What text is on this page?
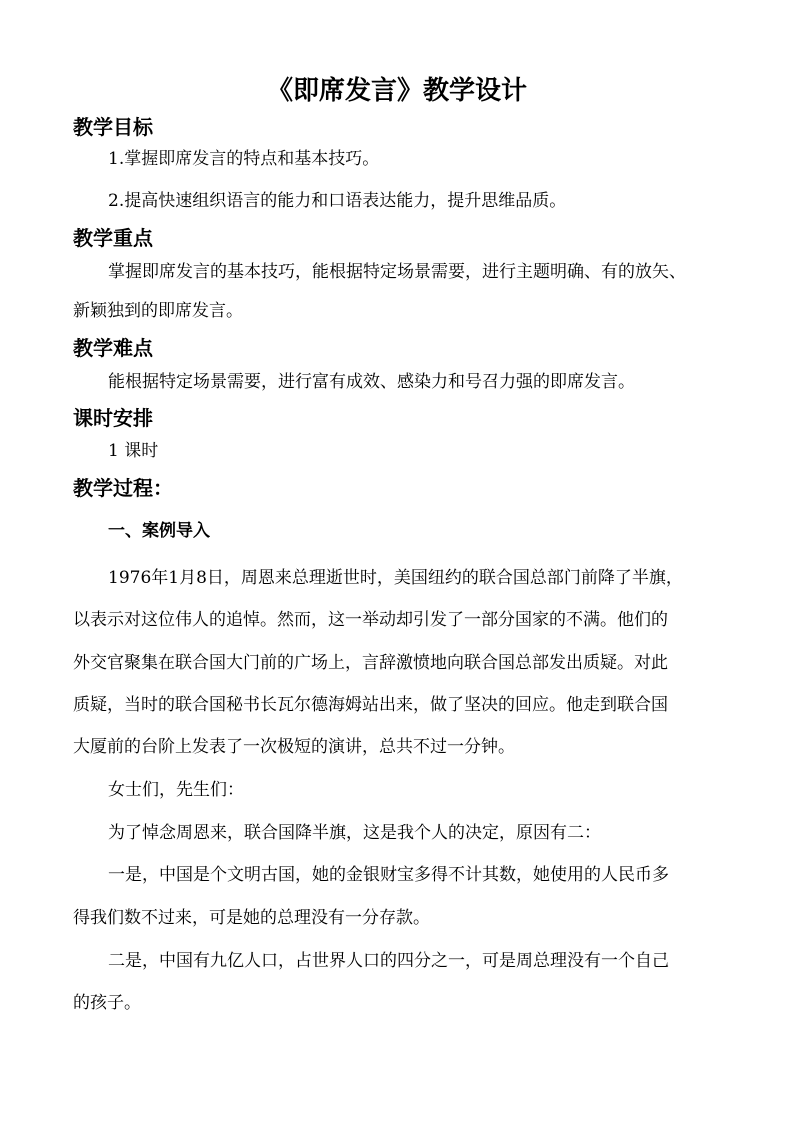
《即席发言》教学设计
教学目标
1.掌握即席发言的特点和基本技巧。
2.提高快速组织语言的能力和口语表达能力，提升思维品质。
教学重点
掌握即席发言的基本技巧，能根据特定场景需要，进行主题明确、有的放矢、
新颖独到的即席发言。
教学难点
能根据特定场景需要，进行富有成效、感染力和号召力强的即席发言。
课时安排
1 课时
教学过程：
一、案例导入
1976年1月8日，周恩来总理逝世时，美国纽约的联合国总部门前降了半旗，
以表示对这位伟人的追悼。然而，这一举动却引发了一部分国家的不满。他们的
外交官聚集在联合国大门前的广场上，言辞激愤地向联合国总部发出质疑。对此
质疑，当时的联合国秘书长瓦尔德海姆站出来，做了坚决的回应。他走到联合国
大厦前的台阶上发表了一次极短的演讲，总共不过一分钟。
女士们，先生们：
为了悼念周恩来，联合国降半旗，这是我个人的决定，原因有二：
一是，中国是个文明古国，她的金银财宝多得不计其数，她使用的人民币多
得我们数不过来，可是她的总理没有一分存款。
二是，中国有九亿人口，占世界人口的四分之一，可是周总理没有一个自己
的孩子。
